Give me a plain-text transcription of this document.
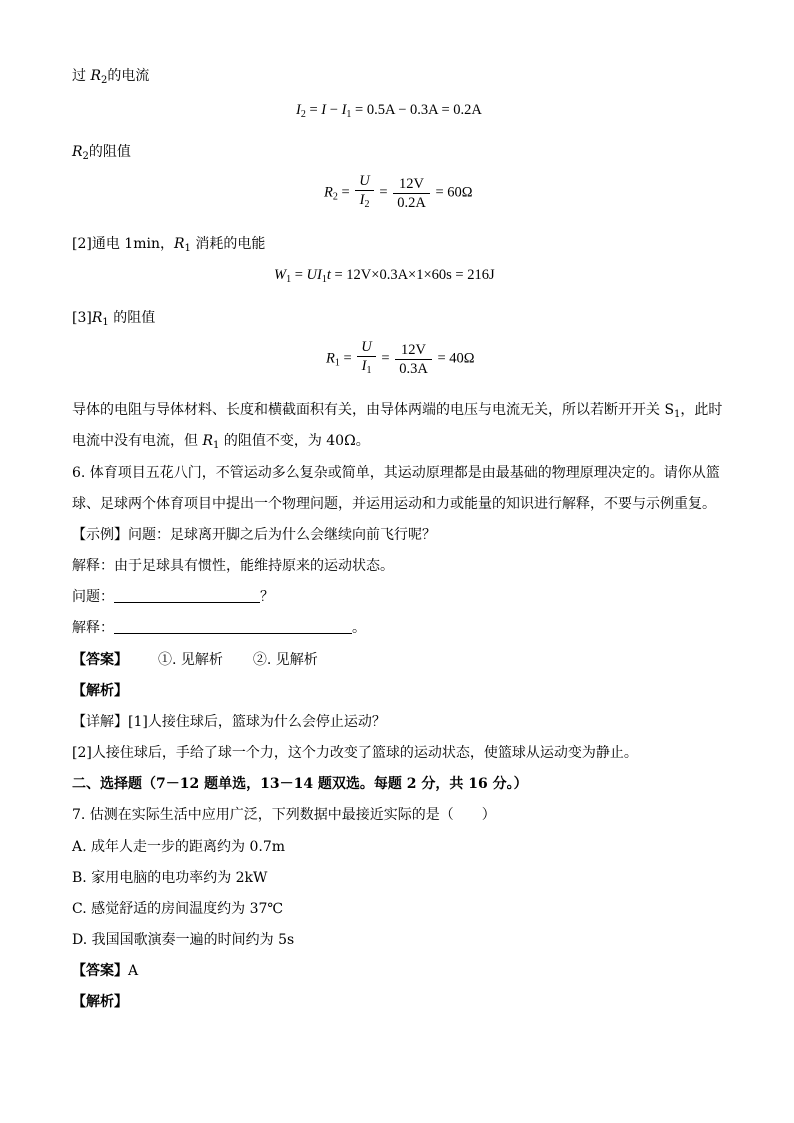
过 $R_2$的电流
$I_2 = I - I_1 = 0.5A - 0.3A = 0.2A$
$R_2$的阻值
$R_2 = \frac{U}{I_2} = \frac{12V}{0.2A} = 60\Omega$
[2]通电 1min，$R_1$ 消耗的电能
$W_1 = UI_1t = 12V\times 0.3A\times 1\times 60s = 216J$
$[3]R_1$ 的阻值
$R_1 = \frac{U}{I_1} = \frac{12V}{0.3A} = 40\Omega$
导体的电阻与导体材料、长度和横截面积有关，由导体两端的电压与电流无关，所以若断开开关 $S_1$，此时
电流中没有电流，但 $R_1$ 的阻值不变，为 40Ω。
6. 体育项目五花八门，不管运动多么复杂或简单，其运动原理都是由最基础的物理原理决定的。请你从篮
球、足球两个体育项目中提出一个物理问题，并运用运动和力或能量的知识进行解释，不要与示例重复。
【示例】问题：足球离开脚之后为什么会继续向前飞行呢？
解释：由于足球具有惯性，能维持原来的运动状态。
问题：	？
解释：	。
【答案】 ①. 见解析 ②. 见解析
【解析】
【详解】[1]人接住球后，篮球为什么会停止运动？
[2]人接住球后，手给了球一个力，这个力改变了篮球的运动状态，使篮球从运动变为静止。
二、选择题（7－12 题单选，13－14 题双选。每题 2 分，共 16 分。）
7. 估测在实际生活中应用广泛，下列数据中最接近实际的是（　　）
A. 成年人走一步的距离约为 0.7m
B. 家用电脑的电功率约为 2kW
C. 感觉舒适的房间温度约为 37℃
D. 我国国歌演奏一遍的时间约为 5s
【答案】A
【解析】
